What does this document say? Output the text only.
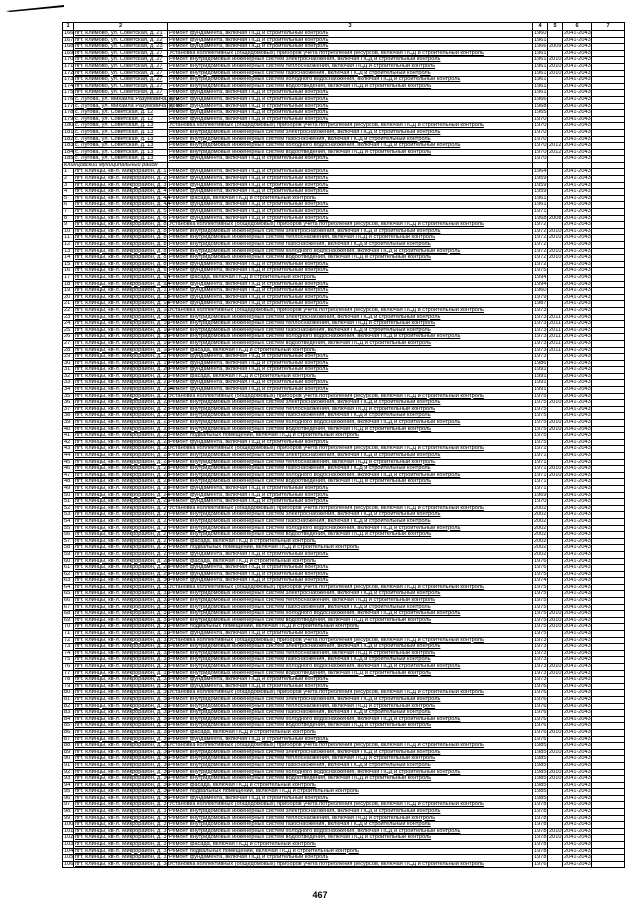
1	2	3	4	5	6	7
166	пгт. Климово, ул. Советская, д. 21	Ремонт фундамента, включая ПСД и строительный контроль	1960		2041-2043	
167	пгт. Климово, ул. Советская, д. 22	Ремонт фундамента, включая ПСД и строительный контроль	1961		2041-2043	
168	пгт. Климово, ул. Советская, д. 23	Ремонт фундамента, включая ПСД и строительный контроль	1966	2009	2041-2043	
169	пгт. Климово, ул. Советская, д. 27	Установка коллективных (общедомовых) приборов учета потребления ресурсов, включая ПСД и строительный контроль	1961		2041-2043	
170	пгт. Климово, ул. Советская, д. 27	Ремонт внутридомовых инженерных систем электроснабжения, включая ПСД и строительный контроль	1961	2010	2041-2043	
171	пгт. Климово, ул. Советская, д. 27	Ремонт внутридомовых инженерных систем теплоснабжения, включая ПСД и строительный контроль	1961	2010	2041-2043	
172	пгт. Климово, ул. Советская, д. 27	Ремонт внутридомовых инженерных систем газоснабжения, включая ПСД и строительный контроль	1961	2010	2041-2043	
173	пгт. Климово, ул. Советская, д. 27	Ремонт внутридомовых инженерных систем холодного водоснабжения, включая ПСД и строительный контроль	1961		2041-2043	
174	пгт. Климово, ул. Советская, д. 27	Ремонт внутридомовых инженерных систем водоотведения, включая ПСД и строительный контроль	1961		2041-2043	
175	пгт. Климово, ул. Советская, д. 27	Ремонт фундамента, включая ПСД и строительный контроль	1961		2041-2043	
176	с. Лугова, ул. Михаила Разумовича, д. 9	Ремонт фундамента, включая ПСД и строительный контроль	1966		2041-2043	
177	с. Лугова, ул. Михаила Разумовича, д. 10	Ремонт фундамента, включая ПСД и строительный контроль	1968		2041-2043	
178	с. Лугова, ул. Советская, д. 12	Ремонт фундамента, включая ПСД и строительный контроль	1965		2041-2043	
179	с. Лугова, ул. Советская, д. 12	Ремонт фундамента, включая ПСД и строительный контроль	1970		2041-2043	
180	с. Лугова, ул. Советская, д. 13	Установка коллективных (общедомовых) приборов учета потребления ресурсов, включая ПСД и строительный контроль	1970		2041-2043	
181	с. Лугова, ул. Советская, д. 13	Ремонт внутридомовых инженерных систем электроснабжения, включая ПСД и строительный контроль	1970		2041-2043	
182	с. Лугова, ул. Советская, д. 13	Ремонт внутридомовых инженерных систем газоснабжения, включая ПСД и строительный контроль	1970		2041-2043	
183	с. Лугова, ул. Советская, д. 13	Ремонт внутридомовых инженерных систем холодного водоснабжения, включая ПСД и строительный контроль	1970	2012	2041-2043	
184	с. Лугова, ул. Советская, д. 13	Ремонт внутридомовых инженерных систем водоотведения, включая ПСД и строительный контроль	1970	2012	2041-2043	
185	с. Лугова, ул. Советская, д. 13	Ремонт фундамента, включая ПСД и строительный контроль	1970		2041-2043	
Клинцовский муниципальный район						
1	пгт. Клинцы, кв-л. Микрорайон, д. 1	Ремонт фундамента, включая ПСД и строительный контроль	1964		2041-2043	
2	пгт. Клинцы, кв-л. Микрорайон, д. 2	Ремонт фундамента, включая ПСД и строительный контроль	1959		2041-2043	
3	пгт. Клинцы, кв-л. Микрорайон, д. 3	Ремонт фундамента, включая ПСД и строительный контроль	1959		2041-2043	
4	пгт. Клинцы, кв-л. Микрорайон, д. 4	Ремонт фундамента, включая ПСД и строительный контроль	1959		2041-2043	
5	пгт. Клинцы, кв-л. Микрорайон, д. 4А	Ремонт фасада, включая ПСД и строительный контроль	1961		2041-2043	
6	пгт. Клинцы, кв-л. Микрорайон, д. 4А	Ремонт фундамента, включая ПСД и строительный контроль	1961		2041-2043	
7	пгт. Клинцы, кв-л. Микрорайон, д. 5	Ремонт фундамента, включая ПСД и строительный контроль	1971		2041-2043	
8	пгт. Клинцы, кв-л. Микрорайон, д. 6	Ремонт фундамента, включая ПСД и строительный контроль	1968	2008	2041-2043	
9	пгт. Клинцы, кв-л. Микрорайон, д. 8	Установка коллективных (общедомовых) приборов учета потребления ресурсов, включая ПСД и строительный контроль	1972		2041-2043	
10	пгт. Клинцы, кв-л. Микрорайон, д. 8	Ремонт внутридомовых инженерных систем электроснабжения, включая ПСД и строительный контроль	1972	2010	2041-2043	
11	пгт. Клинцы, кв-л. Микрорайон, д. 8	Ремонт внутридомовых инженерных систем теплоснабжения, включая ПСД и строительный контроль	1972	2010	2041-2043	
12	пгт. Клинцы, кв-л. Микрорайон, д. 8	Ремонт внутридомовых инженерных систем газоснабжения, включая ПСД и строительный контроль	1972		2041-2043	
13	пгт. Клинцы, кв-л. Микрорайон, д. 8	Ремонт внутридомовых инженерных систем холодного водоснабжения, включая ПСД и строительный контроль	1972	2010	2041-2043	
14	пгт. Клинцы, кв-л. Микрорайон, д. 8	Ремонт внутридомовых инженерных систем водоотведения, включая ПСД и строительный контроль	1972	2010	2041-2043	
15	пгт. Клинцы, кв-л. Микрорайон, д. 8	Ремонт фундамента, включая ПСД и строительный контроль	1972		2041-2043	
16	пгт. Клинцы, кв-л. Микрорайон, д. 9	Ремонт фундамента, включая ПСД и строительный контроль	1975		2041-2043	
17	пгт. Клинцы, кв-л. Микрорайон, д. 9А	Ремонт фасада, включая ПСД и строительный контроль	1994		2041-2043	
18	пгт. Клинцы, кв-л. Микрорайон, д. 9А	Ремонт фундамента, включая ПСД и строительный контроль	1994		2041-2043	
19	пгт. Клинцы, кв-л. Микрорайон, д. 11	Ремонт фундамента, включая ПСД и строительный контроль	1960		2041-2043	
20	пгт. Клинцы, кв-л. Микрорайон, д. 13	Ремонт фундамента, включая ПСД и строительный контроль	1979		2041-2043	
21	пгт. Клинцы, кв-л. Микрорайон, д. 14	Ремонт фундамента, включая ПСД и строительный контроль	1987		2041-2043	
22	пгт. Клинцы, кв-л. Микрорайон, д. 16	Установка коллективных (общедомовых) приборов учета потребления ресурсов, включая ПСД и строительный контроль	1973		2041-2043	
23	пгт. Клинцы, кв-л. Микрорайон, д. 16	Ремонт внутридомовых инженерных систем электроснабжения, включая ПСД и строительный контроль	1973	2011	2041-2043	
24	пгт. Клинцы, кв-л. Микрорайон, д. 16	Ремонт внутридомовых инженерных систем теплоснабжения, включая ПСД и строительный контроль	1973	2011	2041-2043	
25	пгт. Клинцы, кв-л. Микрорайон, д. 16	Ремонт внутридомовых инженерных систем газоснабжения, включая ПСД и строительный контроль	1973	2011	2041-2043	
26	пгт. Клинцы, кв-л. Микрорайон, д. 16	Ремонт внутридомовых инженерных систем холодного водоснабжения, включая ПСД и строительный контроль	1973	2011	2041-2043	
27	пгт. Клинцы, кв-л. Микрорайон, д. 16	Ремонт внутридомовых инженерных систем водоотведения, включая ПСД и строительный контроль	1973	2011	2041-2043	
28	пгт. Клинцы, кв-л. Микрорайон, д. 16	Ремонт фасада, включая ПСД и строительный контроль	1973	2011	2041-2043	
29	пгт. Клинцы, кв-л. Микрорайон, д. 17	Ремонт фундамента, включая ПСД и строительный контроль	1973		2041-2043	
30	пгт. Клинцы, кв-л. Микрорайон, д. 19	Ремонт фундамента, включая ПСД и строительный контроль	1986		2041-2043	
31	пгт. Клинцы, кв-л. Микрорайон, д. 20	Ремонт фундамента, включая ПСД и строительный контроль	1991		2041-2043	
32	пгт. Клинцы, кв-л. Микрорайон, д. 21	Ремонт фасада, включая ПСД и строительный контроль	1991		2041-2043	
33	пгт. Клинцы, кв-л. Микрорайон, д. 21	Ремонт фундамента, включая ПСД и строительный контроль	1991		2041-2043	
34	пгт. Клинцы, кв-л. Микрорайон, д. 21А	Ремонт фундамента, включая ПСД и строительный контроль	1991		2041-2043	
35	пгт. Клинцы, кв-л. Микрорайон, д. 22	Установка коллективных (общедомовых) приборов учета потребления ресурсов, включая ПСД и строительный контроль	1975		2041-2043	
36	пгт. Клинцы, кв-л. Микрорайон, д. 22	Ремонт внутридомовых инженерных систем электроснабжения, включая ПСД и строительный контроль	1975	2010	2041-2043	
37	пгт. Клинцы, кв-л. Микрорайон, д. 22	Ремонт внутридомовых инженерных систем теплоснабжения, включая ПСД и строительный контроль	1975		2041-2043	
38	пгт. Клинцы, кв-л. Микрорайон, д. 22	Ремонт внутридомовых инженерных систем газоснабжения, включая ПСД и строительный контроль	1975		2041-2043	
39	пгт. Клинцы, кв-л. Микрорайон, д. 22	Ремонт внутридомовых инженерных систем холодного водоснабжения, включая ПСД и строительный контроль	1975	2010	2041-2043	
40	пгт. Клинцы, кв-л. Микрорайон, д. 22	Ремонт внутридомовых инженерных систем водоотведения, включая ПСД и строительный контроль	1975	2010	2041-2043	
41	пгт. Клинцы, кв-л. Микрорайон, д. 22	Ремонт подвальных помещений, включая ПСД и строительный контроль	1975		2041-2043	
42	пгт. Клинцы, кв-л. Микрорайон, д. 22	Ремонт фундамента, включая ПСД и строительный контроль	1975		2041-2043	
43	пгт. Клинцы, кв-л. Микрорайон, д. 23	Установка коллективных (общедомовых) приборов учета потребления ресурсов, включая ПСД и строительный контроль	1971		2041-2043	
44	пгт. Клинцы, кв-л. Микрорайон, д. 23	Ремонт внутридомовых инженерных систем электроснабжения, включая ПСД и строительный контроль	1971		2041-2043	
45	пгт. Клинцы, кв-л. Микрорайон, д. 23	Ремонт внутридомовых инженерных систем теплоснабжения, включая ПСД и строительный контроль	1971		2041-2043	
46	пгт. Клинцы, кв-л. Микрорайон, д. 23	Ремонт внутридомовых инженерных систем газоснабжения, включая ПСД и строительный контроль	1971	2010	2041-2043	
47	пгт. Клинцы, кв-л. Микрорайон, д. 23	Ремонт внутридомовых инженерных систем холодного водоснабжения, включая ПСД и строительный контроль	1971	2010	2041-2043	
48	пгт. Клинцы, кв-л. Микрорайон, д. 23	Ремонт внутридомовых инженерных систем водоотведения, включая ПСД и строительный контроль	1971		2041-2043	
49	пгт. Клинцы, кв-л. Микрорайон, д. 23	Ремонт фундамента, включая ПСД и строительный контроль	1971		2041-2043	
50	пгт. Клинцы, кв-л. Микрорайон, д. 24	Ремонт фундамента, включая ПСД и строительный контроль	1969		2041-2043	
51	пгт. Клинцы, кв-л. Микрорайон, д. 25	Ремонт фундамента, включая ПСД и строительный контроль	1970		2041-2043	
52	пгт. Клинцы, кв-л. Микрорайон, д. 27	Установка коллективных (общедомовых) приборов учета потребления ресурсов, включая ПСД и строительный контроль	2002		2041-2043	
53	пгт. Клинцы, кв-л. Микрорайон, д. 27	Ремонт внутридомовых инженерных систем электроснабжения, включая ПСД и строительный контроль	2002		2041-2043	
54	пгт. Клинцы, кв-л. Микрорайон, д. 27	Ремонт внутридомовых инженерных систем газоснабжения, включая ПСД и строительный контроль	2002		2041-2043	
55	пгт. Клинцы, кв-л. Микрорайон, д. 27	Ремонт внутридомовых инженерных систем холодного водоснабжения, включая ПСД и строительный контроль	2002		2041-2043	
56	пгт. Клинцы, кв-л. Микрорайон, д. 27	Ремонт внутридомовых инженерных систем водоотведения, включая ПСД и строительный контроль	2002		2041-2043	
57	пгт. Клинцы, кв-л. Микрорайон, д. 27	Ремонт фасада, включая ПСД и строительный контроль	2002		2041-2043	
58	пгт. Клинцы, кв-л. Микрорайон, д. 27	Ремонт подвальных помещений, включая ПСД и строительный контроль	2002		2041-2043	
59	пгт. Клинцы, кв-л. Микрорайон, д. 27	Ремонт фундамента, включая ПСД и строительный контроль	2002		2041-2043	
60	пгт. Клинцы, кв-л. Микрорайон, д. 28	Ремонт фасада, включая ПСД и строительный контроль	1976		2041-2043	
61	пгт. Клинцы, кв-л. Микрорайон, д. 28	Ремонт фундамента, включая ПСД и строительный контроль	1976		2041-2043	
62	пгт. Клинцы, кв-л. Микрорайон, д. 29	Ремонт фундамента, включая ПСД и строительный контроль	1975		2041-2043	
63	пгт. Клинцы, кв-л. Микрорайон, д. 30	Ремонт фундамента, включая ПСД и строительный контроль	1974		2041-2043	
64	пгт. Клинцы, кв-л. Микрорайон, д. 31	Установка коллективных (общедомовых) приборов учета потребления ресурсов, включая ПСД и строительный контроль	1975		2041-2043	
65	пгт. Клинцы, кв-л. Микрорайон, д. 31	Ремонт внутридомовых инженерных систем электроснабжения, включая ПСД и строительный контроль	1975		2041-2043	
66	пгт. Клинцы, кв-л. Микрорайон, д. 31	Ремонт внутридомовых инженерных систем теплоснабжения, включая ПСД и строительный контроль	1975		2041-2043	
67	пгт. Клинцы, кв-л. Микрорайон, д. 31	Ремонт внутридомовых инженерных систем газоснабжения, включая ПСД и строительный контроль	1975		2041-2043	
68	пгт. Клинцы, кв-л. Микрорайон, д. 31	Ремонт внутридомовых инженерных систем холодного водоснабжения, включая ПСД и строительный контроль	1975	2010	2041-2043	
69	пгт. Клинцы, кв-л. Микрорайон, д. 31	Ремонт внутридомовых инженерных систем водоотведения, включая ПСД и строительный контроль	1975	2010	2041-2043	
70	пгт. Клинцы, кв-л. Микрорайон, д. 31	Ремонт подвальных помещений, включая ПСД и строительный контроль	1975	2010	2041-2043	
71	пгт. Клинцы, кв-л. Микрорайон, д. 31	Ремонт фундамента, включая ПСД и строительный контроль	1975		2041-2043	
72	пгт. Клинцы, кв-л. Микрорайон, д. 32	Установка коллективных (общедомовых) приборов учета потребления ресурсов, включая ПСД и строительный контроль	1973		2041-2043	
73	пгт. Клинцы, кв-л. Микрорайон, д. 32	Ремонт внутридомовых инженерных систем электроснабжения, включая ПСД и строительный контроль	1973		2041-2043	
74	пгт. Клинцы, кв-л. Микрорайон, д. 32	Ремонт внутридомовых инженерных систем теплоснабжения, включая ПСД и строительный контроль	1973		2041-2043	
75	пгт. Клинцы, кв-л. Микрорайон, д. 32	Ремонт внутридомовых инженерных систем газоснабжения, включая ПСД и строительный контроль	1973		2041-2043	
76	пгт. Клинцы, кв-л. Микрорайон, д. 32	Ремонт внутридомовых инженерных систем холодного водоснабжения, включая ПСД и строительный контроль	1973	2010	2041-2043	
77	пгт. Клинцы, кв-л. Микрорайон, д. 32	Ремонт внутридомовых инженерных систем водоотведения, включая ПСД и строительный контроль	1973	2010	2041-2043	
78	пгт. Клинцы, кв-л. Микрорайон, д. 32	Ремонт фундамента, включая ПСД и строительный контроль	1973		2041-2043	
79	пгт. Клинцы, кв-л. Микрорайон, д. 33	Ремонт фундамента, включая ПСД и строительный контроль	1976		2041-2043	
80	пгт. Клинцы, кв-л. Микрорайон, д. 35	Установка коллективных (общедомовых) приборов учета потребления ресурсов, включая ПСД и строительный контроль	1976		2041-2043	
81	пгт. Клинцы, кв-л. Микрорайон, д. 35	Ремонт внутридомовых инженерных систем электроснабжения, включая ПСД и строительный контроль	1976		2041-2043	
82	пгт. Клинцы, кв-л. Микрорайон, д. 35	Ремонт внутридомовых инженерных систем теплоснабжения, включая ПСД и строительный контроль	1976		2041-2043	
83	пгт. Клинцы, кв-л. Микрорайон, д. 35	Ремонт внутридомовых инженерных систем газоснабжения, включая ПСД и строительный контроль	1976		2041-2043	
84	пгт. Клинцы, кв-л. Микрорайон, д. 35	Ремонт внутридомовых инженерных систем холодного водоснабжения, включая ПСД и строительный контроль	1976		2041-2043	
85	пгт. Клинцы, кв-л. Микрорайон, д. 35	Ремонт внутридомовых инженерных систем водоотведения, включая ПСД и строительный контроль	1976		2041-2043	
86	пгт. Клинцы, кв-л. Микрорайон, д. 35	Ремонт фасада, включая ПСД и строительный контроль	1976	2010	2041-2043	
87	пгт. Клинцы, кв-л. Микрорайон, д. 35	Ремонт фундамента, включая ПСД и строительный контроль	1976		2041-2043	
88	пгт. Клинцы, кв-л. Микрорайон, д. 36	Установка коллективных (общедомовых) приборов учета потребления ресурсов, включая ПСД и строительный контроль	1985		2041-2043	
89	пгт. Клинцы, кв-л. Микрорайон, д. 36	Ремонт внутридомовых инженерных систем электроснабжения, включая ПСД и строительный контроль	1985	2010	2041-2043	
90	пгт. Клинцы, кв-л. Микрорайон, д. 36	Ремонт внутридомовых инженерных систем теплоснабжения, включая ПСД и строительный контроль	1985		2041-2043	
91	пгт. Клинцы, кв-л. Микрорайон, д. 36	Ремонт внутридомовых инженерных систем газоснабжения, включая ПСД и строительный контроль	1985		2041-2043	
92	пгт. Клинцы, кв-л. Микрорайон, д. 36	Ремонт внутридомовых инженерных систем холодного водоснабжения, включая ПСД и строительный контроль	1985	2010	2041-2043	
93	пгт. Клинцы, кв-л. Микрорайон, д. 36	Ремонт внутридомовых инженерных систем водоотведения, включая ПСД и строительный контроль	1985	2010	2041-2043	
94	пгт. Клинцы, кв-л. Микрорайон, д. 36	Ремонт фасада, включая ПСД и строительный контроль	1985		2041-2043	
95	пгт. Клинцы, кв-л. Микрорайон, д. 36	Ремонт подвальных помещений, включая ПСД и строительный контроль	1985		2041-2043	
96	пгт. Клинцы, кв-л. Микрорайон, д. 36	Ремонт фундамента, включая ПСД и строительный контроль	1985		2041-2043	
97	пгт. Клинцы, кв-л. Микрорайон, д. 37	Установка коллективных (общедомовых) приборов учета потребления ресурсов, включая ПСД и строительный контроль	1978		2041-2043	
98	пгт. Клинцы, кв-л. Микрорайон, д. 37	Ремонт внутридомовых инженерных систем электроснабжения, включая ПСД и строительный контроль	1978		2041-2043	
99	пгт. Клинцы, кв-л. Микрорайон, д. 37	Ремонт внутридомовых инженерных систем теплоснабжения, включая ПСД и строительный контроль	1978		2041-2043	
100	пгт. Клинцы, кв-л. Микрорайон, д. 37	Ремонт внутридомовых инженерных систем газоснабжения, включая ПСД и строительный контроль	1978		2041-2043	
101	пгт. Клинцы, кв-л. Микрорайон, д. 37	Ремонт внутридомовых инженерных систем холодного водоснабжения, включая ПСД и строительный контроль	1978	2010	2041-2043	
102	пгт. Клинцы, кв-л. Микрорайон, д. 37	Ремонт внутридомовых инженерных систем водоотведения, включая ПСД и строительный контроль	1978	2010	2041-2043	
103	пгт. Клинцы, кв-л. Микрорайон, д. 37	Ремонт фасада, включая ПСД и строительный контроль	1978		2041-2043	
104	пгт. Клинцы, кв-л. Микрорайон, д. 37	Ремонт подвальных помещений, включая ПСД и строительный контроль	1978		2041-2043	
105	пгт. Клинцы, кв-л. Микрорайон, д. 37	Ремонт фундамента, включая ПСД и строительный контроль	1978		2041-2043	
106	пгт. Клинцы, кв-л. Микрорайон, д. 38	Установка коллективных (общедомовых) приборов учета потребления ресурсов, включая ПСД и строительный контроль	1976		2041-2043	
467
